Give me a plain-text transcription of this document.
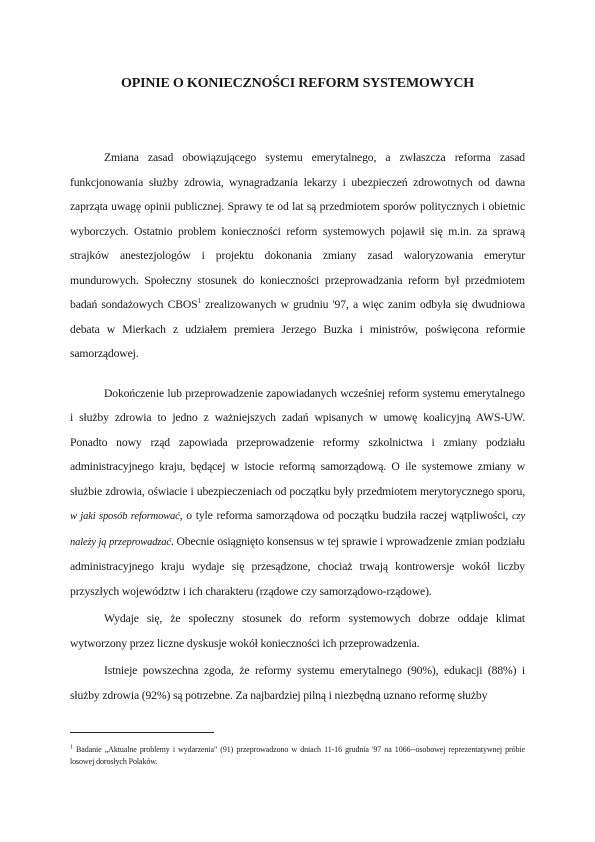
OPINIE O KONIECZNOŚCI REFORM SYSTEMOWYCH

Zmiana zasad obowiązującego systemu emerytalnego, a zwłaszcza reforma zasad funkcjonowania służby zdrowia, wynagradzania lekarzy i ubezpieczeń zdrowotnych od dawna zaprząta uwagę opinii publicznej. Sprawy te od lat są przedmiotem sporów politycznych i obietnic wyborczych. Ostatnio problem konieczności reform systemowych pojawił się m.in. za sprawą strajków anestezjologów i projektu dokonania zmiany zasad waloryzowania emerytur mundurowych. Społeczny stosunek do konieczności przeprowadzania reform był przedmiotem badań sondażowych CBOS$^1$ zrealizowanych w grudniu '97, a więc zanim odbyła się dwudniowa debata w Mierkach z udziałem premiera Jerzego Buzka i ministrów, poświęcona reformie samorządowej.

Dokończenie lub przeprowadzenie zapowiadanych wcześniej reform systemu emerytalnego i służby zdrowia to jedno z ważniejszych zadań wpisanych w umowę koalicyjną AWS-UW. Ponadto nowy rząd zapowiada przeprowadzenie reformy szkolnictwa i zmiany podziału administracyjnego kraju, będącej w istocie reformą samorządową. O ile systemowe zmiany w służbie zdrowia, oświacie i ubezpieczeniach od początku były przedmiotem merytorycznego sporu, w jaki sposób reformować, o tyle reforma samorządowa od początku budziła raczej wątpliwości, czy należy ją przeprowadzać. Obecnie osiągnięto konsensus w tej sprawie i wprowadzenie zmian podziału administracyjnego kraju wydaje się przesądzone, chociaż trwają kontrowersje wokół liczby przyszłych województw i ich charakteru (rządowe czy samorządowo-rządowe).

Wydaje się, że społeczny stosunek do reform systemowych dobrze oddaje klimat wytworzony przez liczne dyskusje wokół konieczności ich przeprowadzenia.

Istnieje powszechna zgoda, że reformy systemu emerytalnego (90%), edukacji (88%) i służby zdrowia (92%) są potrzebne. Za najbardziej pilną i niezbędną uznano reformę służby

$^1$ Badanie „Aktualne problemy i wydarzenia" (91) przeprowadzono w dniach 11-16 grudnia '97 na 1066--osobowej reprezentatywnej próbie losowej dorosłych Polaków.
